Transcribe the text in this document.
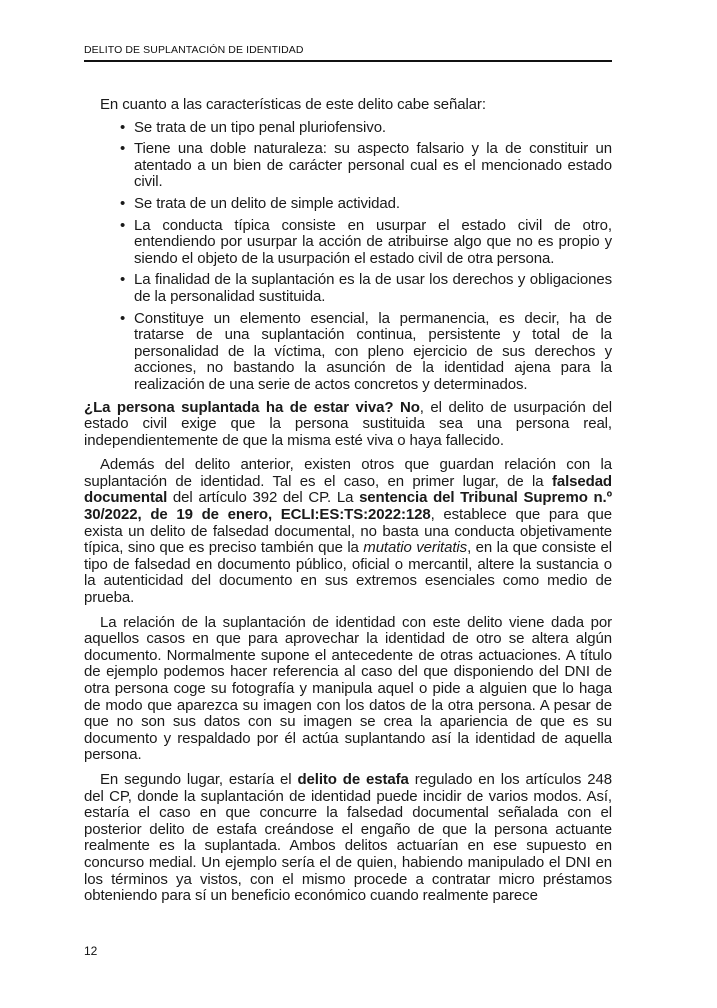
DELITO DE SUPLANTACIÓN DE IDENTIDAD

En cuanto a las características de este delito cabe señalar:

• Se trata de un tipo penal pluriofensivo.
• Tiene una doble naturaleza: su aspecto falsario y la de constituir un atentado a un bien de carácter personal cual es el mencionado estado civil.
• Se trata de un delito de simple actividad.
• La conducta típica consiste en usurpar el estado civil de otro, entendiendo por usurpar la acción de atribuirse algo que no es propio y siendo el objeto de la usurpación el estado civil de otra persona.
• La finalidad de la suplantación es la de usar los derechos y obligaciones de la personalidad sustituida.
• Constituye un elemento esencial, la permanencia, es decir, ha de tratarse de una suplantación continua, persistente y total de la personalidad de la víctima, con pleno ejercicio de sus derechos y acciones, no bastando la asunción de la identidad ajena para la realización de una serie de actos concretos y determinados.

¿La persona suplantada ha de estar viva? No, el delito de usurpación del estado civil exige que la persona sustituida sea una persona real, independientemente de que la misma esté viva o haya fallecido.

Además del delito anterior, existen otros que guardan relación con la suplantación de identidad. Tal es el caso, en primer lugar, de la falsedad documental del artículo 392 del CP. La sentencia del Tribunal Supremo n.º 30/2022, de 19 de enero, ECLI:ES:TS:2022:128, establece que para que exista un delito de falsedad documental, no basta una conducta objetivamente típica, sino que es preciso también que la mutatio veritatis, en la que consiste el tipo de falsedad en documento público, oficial o mercantil, altere la sustancia o la autenticidad del documento en sus extremos esenciales como medio de prueba.

La relación de la suplantación de identidad con este delito viene dada por aquellos casos en que para aprovechar la identidad de otro se altera algún documento. Normalmente supone el antecedente de otras actuaciones. A título de ejemplo podemos hacer referencia al caso del que disponiendo del DNI de otra persona coge su fotografía y manipula aquel o pide a alguien que lo haga de modo que aparezca su imagen con los datos de la otra persona. A pesar de que no son sus datos con su imagen se crea la apariencia de que es su documento y respaldado por él actúa suplantando así la identidad de aquella persona.

En segundo lugar, estaría el delito de estafa regulado en los artículos 248 del CP, donde la suplantación de identidad puede incidir de varios modos. Así, estaría el caso en que concurre la falsedad documental señalada con el posterior delito de estafa creándose el engaño de que la persona actuante realmente es la suplantada. Ambos delitos actuarían en ese supuesto en concurso medial. Un ejemplo sería el de quien, habiendo manipulado el DNI en los términos ya vistos, con el mismo procede a contratar micro préstamos obteniendo para sí un beneficio económico cuando realmente parece

12
